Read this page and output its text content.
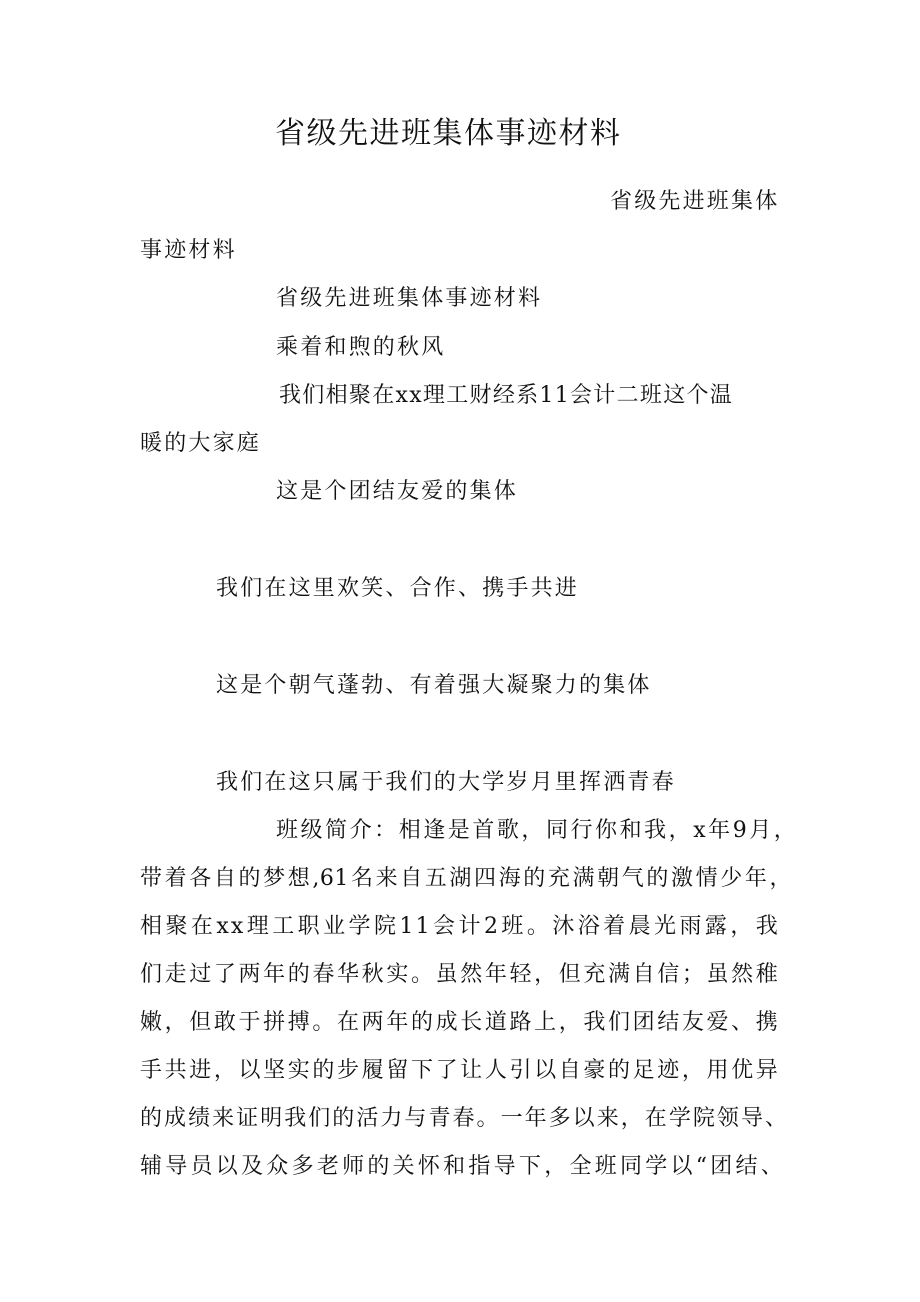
省级先进班集体事迹材料
省级先进班集体
事迹材料
省级先进班集体事迹材料
乘着和煦的秋风
我们相聚在xx理工财经系11会计二班这个温
暖的大家庭
这是个团结友爱的集体
我们在这里欢笑、合作、携手共进
这是个朝气蓬勃、有着强大凝聚力的集体
我们在这只属于我们的大学岁月里挥洒青春
班级简介：相逢是首歌，同行你和我，x年9月，
带着各自的梦想,61名来自五湖四海的充满朝气的激情少年，
相聚在xx理工职业学院11会计2班。沐浴着晨光雨露，我
们走过了两年的春华秋实。虽然年轻，但充满自信；虽然稚
嫩，但敢于拼搏。在两年的成长道路上，我们团结友爱、携
手共进，以坚实的步履留下了让人引以自豪的足迹，用优异
的成绩来证明我们的活力与青春。一年多以来，在学院领导、
辅导员以及众多老师的关怀和指导下，全班同学以“团结、
